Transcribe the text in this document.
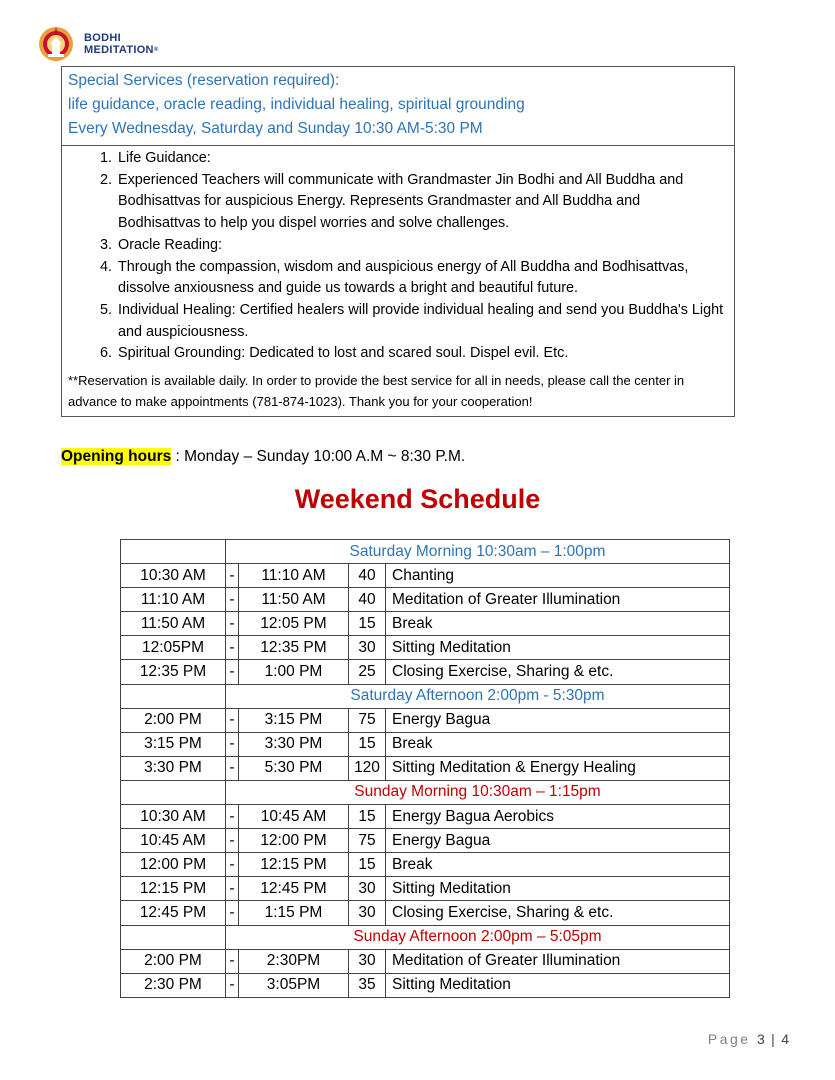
BODHI
MEDITATION®
Special Services (reservation required):
life guidance, oracle reading, individual healing, spiritual grounding
Every Wednesday, Saturday and Sunday 10:30 AM-5:30 PM
1. Life Guidance:
2. Experienced Teachers will communicate with Grandmaster Jin Bodhi and All Buddha and Bodhisattvas for auspicious Energy. Represents Grandmaster and All Buddha and Bodhisattvas to help you dispel worries and solve challenges.
3. Oracle Reading:
4. Through the compassion, wisdom and auspicious energy of All Buddha and Bodhisattvas, dissolve anxiousness and guide us towards a bright and beautiful future.
5. Individual Healing: Certified healers will provide individual healing and send you Buddha's Light and auspiciousness.
6. Spiritual Grounding: Dedicated to lost and scared soul. Dispel evil. Etc.
**Reservation is available daily. In order to provide the best service for all in needs, please call the center in advance to make appointments (781-874-1023). Thank you for your cooperation!
Opening hours : Monday – Sunday 10:00 A.M ~ 8:30 P.M.
Weekend Schedule
	Saturday Morning 10:30am – 1:00pm			
10:30 AM	-	11:10 AM	40	Chanting
11:10 AM	-	11:50 AM	40	Meditation of Greater Illumination
11:50 AM	-	12:05 PM	15	Break
12:05PM	-	12:35 PM	30	Sitting Meditation
12:35 PM	-	1:00 PM	25	Closing Exercise, Sharing & etc.
	Saturday Afternoon 2:00pm - 5:30pm			
2:00 PM	-	3:15 PM	75	Energy Bagua
3:15 PM	-	3:30 PM	15	Break
3:30 PM	-	5:30 PM	120	Sitting Meditation & Energy Healing
	Sunday Morning 10:30am – 1:15pm			
10:30 AM	-	10:45 AM	15	Energy Bagua Aerobics
10:45 AM	-	12:00 PM	75	Energy Bagua
12:00 PM	-	12:15 PM	15	Break
12:15 PM	-	12:45 PM	30	Sitting Meditation
12:45 PM	-	1:15 PM	30	Closing Exercise, Sharing & etc.
	Sunday Afternoon 2:00pm – 5:05pm			
2:00 PM	-	2:30PM	30	Meditation of Greater Illumination
2:30 PM	-	3:05PM	35	Sitting Meditation
Page 3 | 4
